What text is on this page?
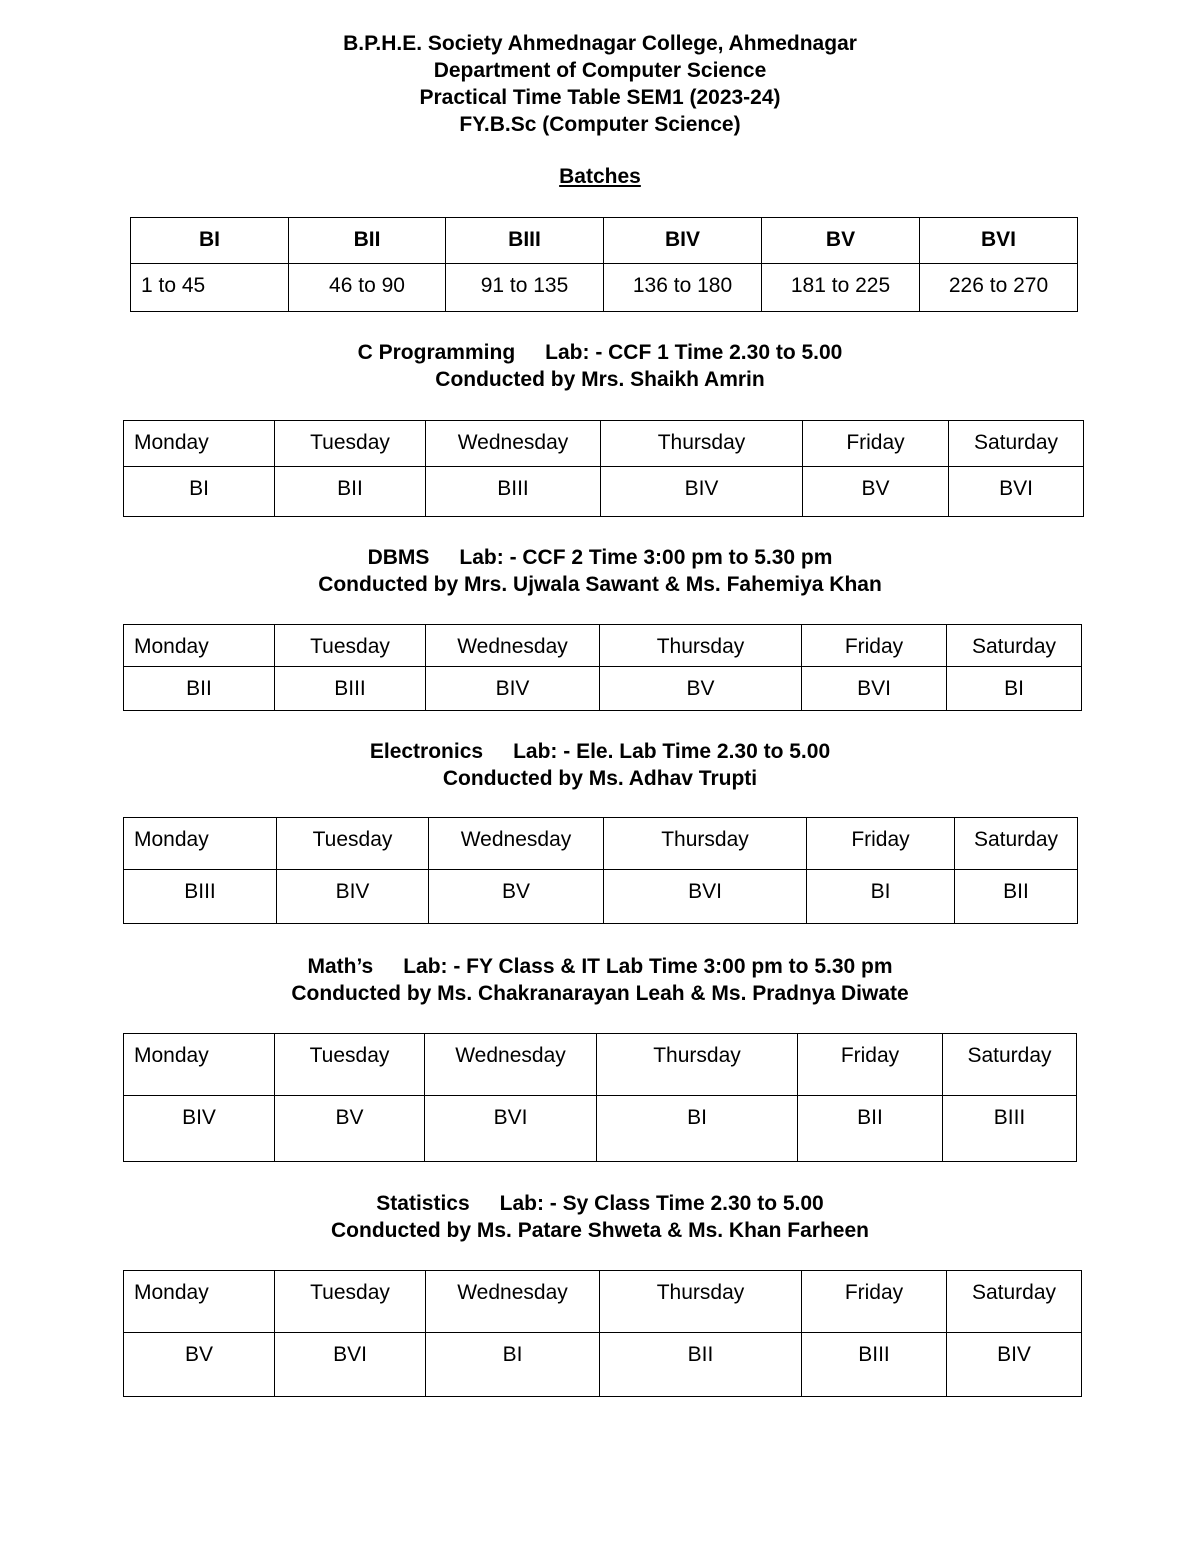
B.P.H.E. Society Ahmednagar College, Ahmednagar
Department of Computer Science
Practical Time Table SEM1 (2023-24)
FY.B.Sc (Computer Science)
Batches
BI	BII	BIII	BIV	BV	BVI
1 to 45	46 to 90	91 to 135	136 to 180	181 to 225	226 to 270
C Programming Lab: - CCF 1 Time 2.30 to 5.00
Conducted by Mrs. Shaikh Amrin
Monday	Tuesday	Wednesday	Thursday	Friday	Saturday
BI	BII	BIII	BIV	BV	BVI
DBMS Lab: - CCF 2 Time 3:00 pm to 5.30 pm
Conducted by Mrs. Ujwala Sawant & Ms. Fahemiya Khan
Monday	Tuesday	Wednesday	Thursday	Friday	Saturday
BII	BIII	BIV	BV	BVI	BI
Electronics Lab: - Ele. Lab Time 2.30 to 5.00
Conducted by Ms. Adhav Trupti
Monday	Tuesday	Wednesday	Thursday	Friday	Saturday
BIII	BIV	BV	BVI	BI	BII
Math’s Lab: - FY Class & IT Lab Time 3:00 pm to 5.30 pm
Conducted by Ms. Chakranarayan Leah & Ms. Pradnya Diwate
Monday	Tuesday	Wednesday	Thursday	Friday	Saturday
BIV	BV	BVI	BI	BII	BIII
Statistics Lab: - Sy Class Time 2.30 to 5.00
Conducted by Ms. Patare Shweta & Ms. Khan Farheen
Monday	Tuesday	Wednesday	Thursday	Friday	Saturday
BV	BVI	BI	BII	BIII	BIV
